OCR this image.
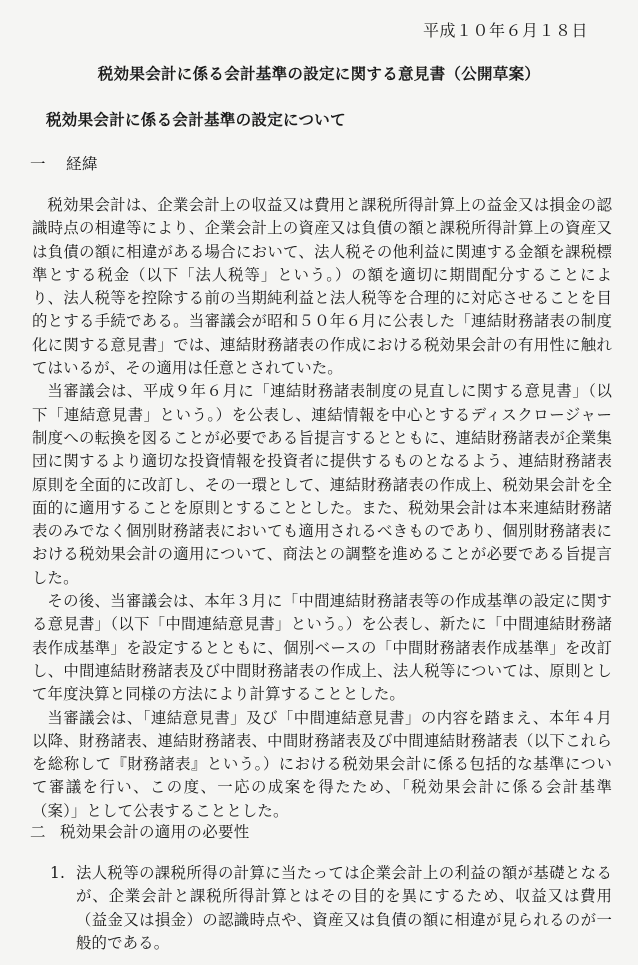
平成１０年６月１８日
税効果会計に係る会計基準の設定に関する意見書（公開草案）
税効果会計に係る会計基準の設定について
一 経緯

税効果会計は、企業会計上の収益又は費用と課税所得計算上の益金又は損金の認識時点の相違等により、企業会計上の資産又は負債の額と課税所得計算上の資産又は負債の額に相違がある場合において、法人税その他利益に関連する金額を課税標準とする税金（以下「法人税等」という。）の額を適切に期間配分することにより、法人税等を控除する前の当期純利益と法人税等を合理的に対応させることを目的とする手続である。当審議会が昭和５０年６月に公表した「連結財務諸表の制度化に関する意見書」では、連結財務諸表の作成における税効果会計の有用性に触れてはいるが、その適用は任意とされていた。

当審議会は、平成９年６月に「連結財務諸表制度の見直しに関する意見書」（以下「連結意見書」という。）を公表し、連結情報を中心とするディスクロージャー制度への転換を図ることが必要である旨提言するとともに、連結財務諸表が企業集団に関するより適切な投資情報を投資者に提供するものとなるよう、連結財務諸表原則を全面的に改訂し、その一環として、連結財務諸表の作成上、税効果会計を全面的に適用することを原則とすることとした。また、税効果会計は本来連結財務諸表のみでなく個別財務諸表においても適用されるべきものであり、個別財務諸表における税効果会計の適用について、商法との調整を進めることが必要である旨提言した。

その後、当審議会は、本年３月に「中間連結財務諸表等の作成基準の設定に関する意見書」（以下「中間連結意見書」という。）を公表し、新たに「中間連結財務諸表作成基準」を設定するとともに、個別ベースの「中間財務諸表作成基準」を改訂し、中間連結財務諸表及び中間財務諸表の作成上、法人税等については、原則として年度決算と同様の方法により計算することとした。

当審議会は、「連結意見書」及び「中間連結意見書」の内容を踏まえ、本年４月以降、財務諸表、連結財務諸表、中間財務諸表及び中間連結財務諸表（以下これらを総称して『財務諸表』という。）における税効果会計に係る包括的な基準について審議を行い、この度、一応の成案を得たため、「税効果会計に係る会計基準（案）」として公表することとした。

二 税効果会計の適用の必要性
1. 法人税等の課税所得の計算に当たっては企業会計上の利益の額が基礎となるが、企業会計と課税所得計算とはその目的を異にするため、収益又は費用（益金又は損金）の認識時点や、資産又は負債の額に相違が見られるのが一般的である。
